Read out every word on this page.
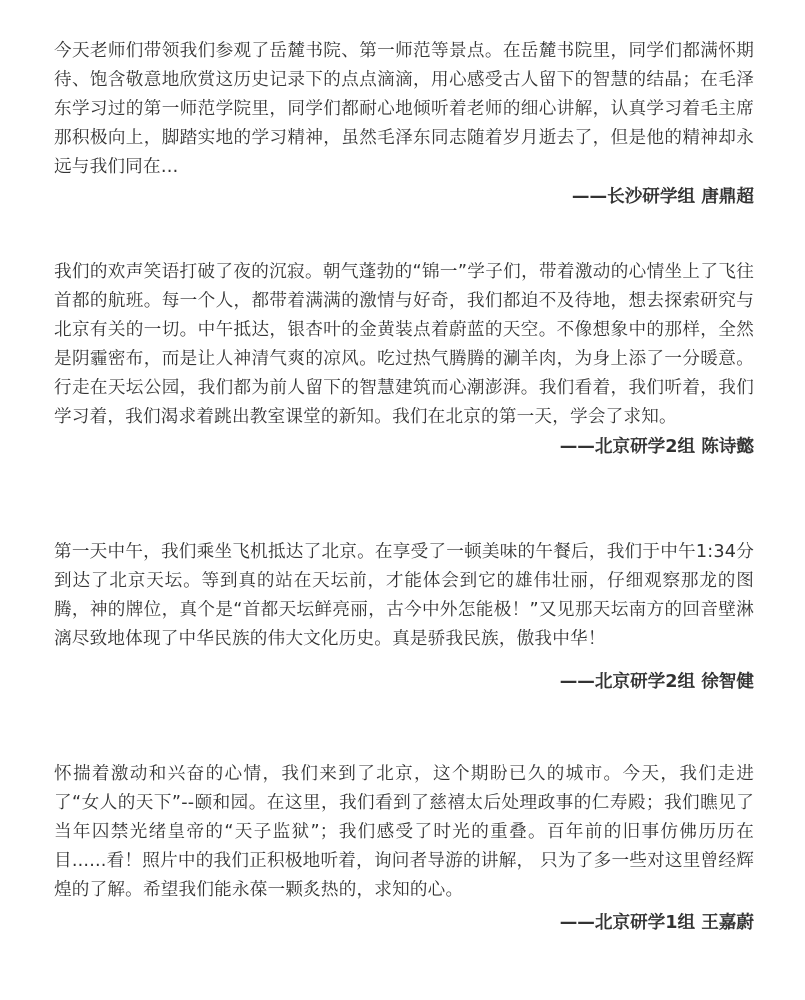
今天老师们带领我们参观了岳麓书院、第一师范等景点。在岳麓书院里，同学们都满怀期待、饱含敬意地欣赏这历史记录下的点点滴滴，用心感受古人留下的智慧的结晶；在毛泽东学习过的第一师范学院里，同学们都耐心地倾听着老师的细心讲解，认真学习着毛主席那积极向上，脚踏实地的学习精神，虽然毛泽东同志随着岁月逝去了，但是他的精神却永远与我们同在…

——长沙研学组 唐鼎超

我们的欢声笑语打破了夜的沉寂。朝气蓬勃的“锦一”学子们，带着激动的心情坐上了飞往首都的航班。每一个人，都带着满满的激情与好奇，我们都迫不及待地，想去探索研究与北京有关的一切。中午抵达，银杏叶的金黄装点着蔚蓝的天空。不像想象中的那样，全然是阴霾密布，而是让人神清气爽的凉风。吃过热气腾腾的涮羊肉，为身上添了一分暖意。行走在天坛公园，我们都为前人留下的智慧建筑而心潮澎湃。我们看着，我们听着，我们学习着，我们渴求着跳出教室课堂的新知。我们在北京的第一天，学会了求知。

——北京研学2组 陈诗懿

第一天中午，我们乘坐飞机抵达了北京。在享受了一顿美味的午餐后，我们于中午1:34分到达了北京天坛。等到真的站在天坛前，才能体会到它的雄伟壮丽，仔细观察那龙的图腾，神的牌位，真个是“首都天坛鲜亮丽，古今中外怎能极！”又见那天坛南方的回音壁淋漓尽致地体现了中华民族的伟大文化历史。真是骄我民族，傲我中华！

——北京研学2组 徐智健

怀揣着激动和兴奋的心情，我们来到了北京，这个期盼已久的城市。今天，我们走进了“女人的天下”--颐和园。在这里，我们看到了慈禧太后处理政事的仁寿殿；我们瞧见了当年囚禁光绪皇帝的“天子监狱”；我们感受了时光的重叠。百年前的旧事仿佛历历在目......看！照片中的我们正积极地听着，询问者导游的讲解， 只为了多一些对这里曾经辉煌的了解。希望我们能永葆一颗炙热的，求知的心。

——北京研学1组 王嘉蔚
